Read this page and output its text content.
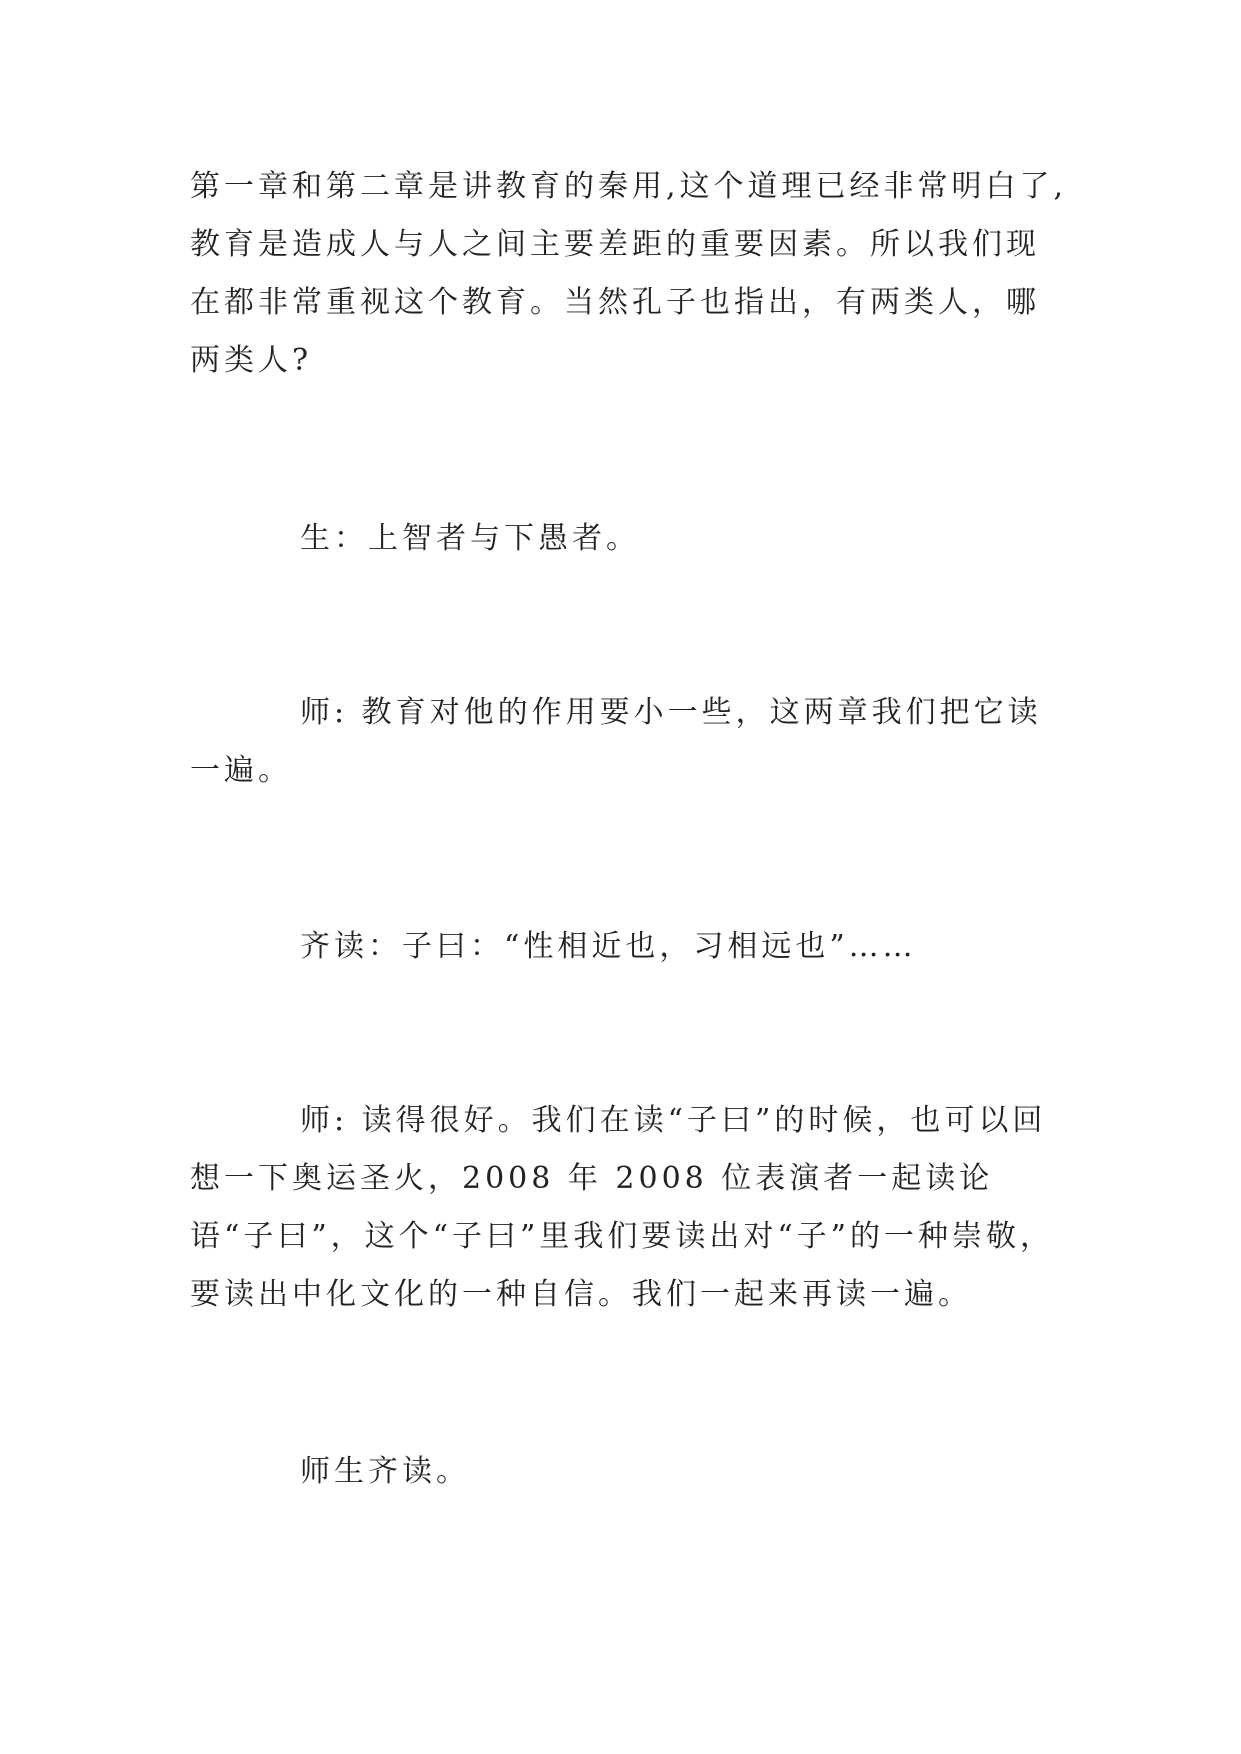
第一章和第二章是讲教育的秦用,这个道理已经非常明白了,教育是造成人与人之间主要差距的重要因素。所以我们现在都非常重视这个教育。当然孔子也指出，有两类人，哪两类人?

生：上智者与下愚者。

师: 教育对他的作用要小一些，这两章我们把它读一遍。

齐读：子曰：“性相近也，习相远也”……

师: 读得很好。我们在读“子曰”的时候，也可以回想一下奥运圣火，2008 年 2008 位表演者一起读论语“子曰”，这个“子曰”里我们要读出对“子”的一种崇敬，要读出中化文化的一种自信。我们一起来再读一遍。

师生齐读。
